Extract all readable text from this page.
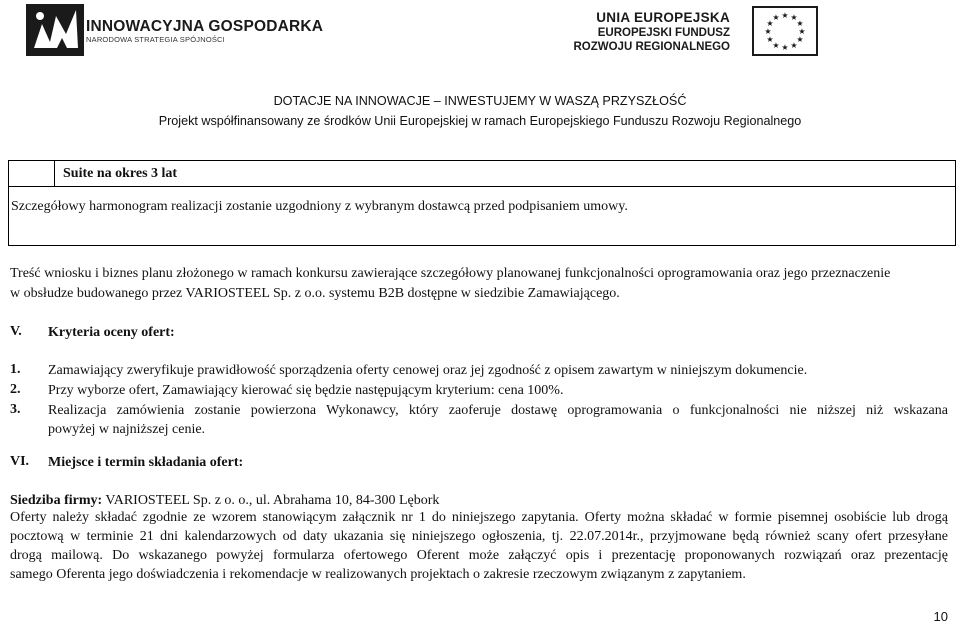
INNOWACYJNA GOSPODARKA
NARODOWA STRATEGIA SPÓJNOŚCI
UNIA EUROPEJSKA
EUROPEJSKI FUNDUSZ
ROZWOJU REGIONALNEGO
★ ★
★
★
★
★
★
★
★
★
★
★
DOTACJE NA INNOWACJE – INWESTUJEMY W WASZĄ PRZYSZŁOŚĆ
Projekt współfinansowany ze środków Unii Europejskiej w ramach Europejskiego Funduszu Rozwoju Regionalnego
Suite na okres 3 lat
Szczegółowy harmonogram realizacji zostanie uzgodniony z wybranym dostawcą przed podpisaniem umowy.
Treść wniosku i biznes planu złożonego w ramach konkursu zawierające szczegółowy planowanej funkcjonalności oprogramowania oraz jego przeznaczenie
w obsłudze budowanego przez VARIOSTEEL Sp. z o.o. systemu B2B dostępne w siedzibie Zamawiającego.
V. Kryteria oceny ofert:
1. Zamawiający zweryfikuje prawidłowość sporządzenia oferty cenowej oraz jej zgodność z opisem zawartym w niniejszym dokumencie.
2. Przy wyborze ofert, Zamawiający kierować się będzie następującym kryterium: cena 100%.
3. Realizacja zamówienia zostanie powierzona Wykonawcy, który zaoferuje dostawę oprogramowania o funkcjonalności nie niższej niż wskazana
powyżej w najniższej cenie.
VI. Miejsce i termin składania ofert:
Siedziba firmy: VARIOSTEEL Sp. z o. o., ul. Abrahama 10, 84-300 Lębork
Oferty należy składać zgodnie ze wzorem stanowiącym załącznik nr 1 do niniejszego zapytania. Oferty można składać w formie pisemnej osobiście lub drogą
pocztową w terminie 21 dni kalendarzowych od daty ukazania się niniejszego ogłoszenia, tj. 22.07.2014r., przyjmowane będą również scany ofert przesyłane
drogą mailową. Do wskazanego powyżej formularza ofertowego Oferent może załączyć opis i prezentację proponowanych rozwiązań oraz prezentację
samego Oferenta jego doświadczenia i rekomendacje w realizowanych projektach o zakresie rzeczowym związanym z zapytaniem.
10
